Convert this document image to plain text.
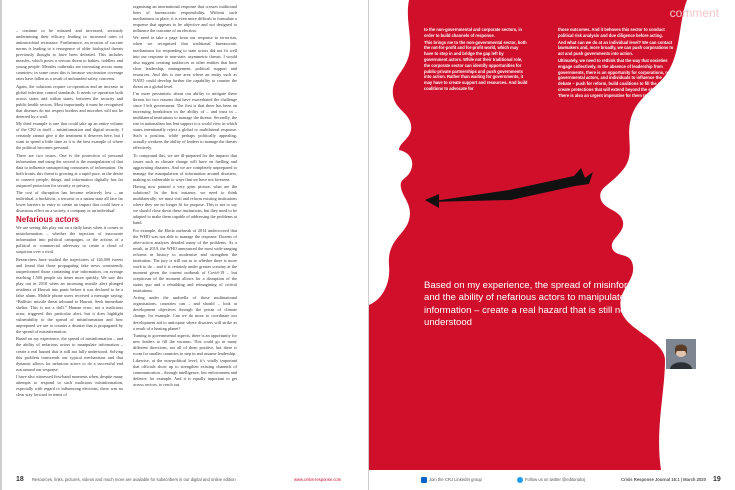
– continue to be misused and increased, seriously undermining their efficacy leading to increased rates of antimicrobial resistance. Furthermore, an erosion of vaccine norms is leading to a resurgence of older biological threats previously thought to have been defeated. This includes measles, which poses a serious threat to babies, toddlers and young people. Measles outbreaks are increasing across many countries; in some cases this is because vaccination coverage rates have fallen as a result of unfounded safety concerns.

Again, the solutions require co-operation and an increase in global infection control standards. It needs co-operation both across states and within states, between the security and public health sectors. Most importantly it must be recognised that diseases do not respect borders and microbes will not be deterred by a wall.

My third example is one that could take up an entire volume of the CRJ in itself – misinformation and digital security. I certainly cannot give it the treatment it deserves here, but I want to spend a little time as it is the best example of where the political becomes personal.

There are two issues. One is the protection of personal information and using the second is the manipulation of that data to influence unsuspecting consumers of information. On both fronts, this threat is growing at a rapid pace, as the desire to connect people, things, and information digitally has far outpaced protection for security or privacy.

The cost of disruption has become relatively low – an individual, a hacktivist, a terrorist or a nation state all face far lower barriers to entry to create an impact that could have a disastrous effect on a society, a company or an individual.

Nefarious actors

We are seeing this play out on a daily basis when it comes to misinformation – whether the injection of inaccurate information into political campaigns, or the actions of a political or commercial adversary to create a cloud of suspicion over a rival.

Researchers have studied the trajectories of 126,000 tweets and found that those propagating fake news consistently outperformed those containing true information, on average reaching 1,500 people six times more quickly. We saw this play out in 2018 when an incoming missile alert plunged residents of Hawaii into panic before it was declared to be a false alarm. Mobile phone users received a message saying: “Ballistic missile threat inbound to Hawaii. Seek immediate shelter. This is not a drill.” Human error, not a malicious actor, triggered this particular alert, but it does highlight vulnerability to the spread of misinformation and how unprepared we are to counter a disaster that is propagated by the spread of misinformation.

Based on my experience, the spread of misinformation – and the ability of nefarious actors to manipulate information – create a real hazard that is still not fully understood. Solving this problem transcends our typical mechanisms and that dynamic allows for nefarious actors to do a successful end run around our response.

I have also witnessed first-hand moments when, despite many attempts to respond to such malicious misinformation, especially with regard to influencing elections, there was no clear way forward in terms of

organising an international response that crosses traditional lines of bureaucratic responsibility. Without such mechanisms in place, it is even more difficult to formulate a response that appears to be objective and not designed to influence the outcome of an election.

We need to take a page from our response to terrorism, when we recognised that traditional bureaucratic mechanisms for responding to state actors did not fit well into our response to non-state, asymmetric threats. I would also suggest creating taskforces or other entities that have clear leadership, management, political support and resources. And this is one area where an entity such as NATO could develop further the capability to counter the threat on a global level.

I’m more pessimistic about our ability to mitigate these threats for two reasons that have exacerbated the challenge since I left government. The first is that there has been an increasing breakdown in the ability of – and trust in – multilateral institutions to manage the threats. Secondly, the rise in nationalism has lent support to a world view in which states intentionally reject a global or multilateral response. Such a position, while perhaps politically appealing, actually weakens the ability of leaders to manage the threats effectively.

To compound this, we are ill-prepared for the impacts that issues such as climate change will have on fuelling and aggravating disasters. And we are completely unprepared to manage the manipulation of information around disasters, making us vulnerable to ways that we have not foreseen.

Having now painted a very grim picture, what are the solutions? In the first instance, we need to think multilaterally: we must visit and reform existing institutions where they are no longer fit for purpose. This is not to say we should close down these institutions, but they need to be adapted to make them capable of addressing the problems at hand.

For example, the Ebola outbreak of 2014 underscored that the WHO was not able to manage the response. Dozens of after-action analyses detailed many of the problems. As a result, in 2019, the WHO announced the most wide-ranging reforms in history to modernise and strengthen the institution. The jury is still out as to whether there is more work to do – and it is certainly under greater scrutiny at the moment given the current outbreak of Covid-19 – but scepticism of the moment allows for a disruption of the status quo and a rebuilding and reimagining of critical institutions.

Acting under the umbrella of those multinational organisations, countries can – and should – look at development objectives through the prism of climate change, for example. Can we do more to coordinate our development aid to anticipate where disasters will strike as a result of a heating planet?

Turning to governmental aspects, there is an opportunity for new leaders to fill the vacuum. This could go in many different directions, not all of them positive, but there is room for smaller countries to step in and assume leadership.

Likewise, at the non-political level, it’s vitally important that officials show up to strengthen existing channels of communication – through intelligence, law enforcement and defence, for example. And it is equally important to get across sectors, to reach out

18 Resources, links, pictures, videos and much more are available for subscribers in our digital and online edition	www.crisis-response.com
comment

to the non-governmental and corporate sectors, in order to build channels of response.

This brings me to the non-governmental sector, both the not-for-profit and for-profit world, which may have to step in and bridge the gap left by government actors. While not their traditional role, the corporate sector can identify opportunities for public-private partnerships and push governments into action. Rather than waiting for governments, it may have to create support and resources. And build coalitions to advocate for

those outcomes. And it behoves this sector to conduct political risk analysis and due diligence before acting.

And what can we do at an individual level? We can contact lawmakers and, more broadly, we can push corporations to act and push governments into action.

Ultimately, we need to rethink that the way that societies engage collectively. In the absence of leadership from governments, there is an opportunity for corporations, non-governmental actors, and individuals to influence the debate – push for reform, build coalitions to fill the gap, and create protections that will extend beyond the short-term. There is also an urgent imperative for them to do so.

Sofia Moraquiz | iStock
Based on my experience, the spread of misinformation – and the ability of nefarious actors to manipulate information – create a real hazard that is still not fully understood
Author
AMY POPE is a Partner at Schillings. A seasoned courtroom lawyer, she is a skilled technician and strategist. Pope was US Deputy Homeland Security Adviser to President Barack Obama, where she led personnel in high profile challenges such as managing cyber attacks, terrorist threats, natural hazards, violent extremism, border security threats and disease outbreaks. She is a Member of CRJ’s Advisory Panel
www.schillingspartners.com
Join the CRJ LinkedIn group	Follow us on twitter @editorialcrj	Crisis Response Journal 15:1 | March 2020 19
